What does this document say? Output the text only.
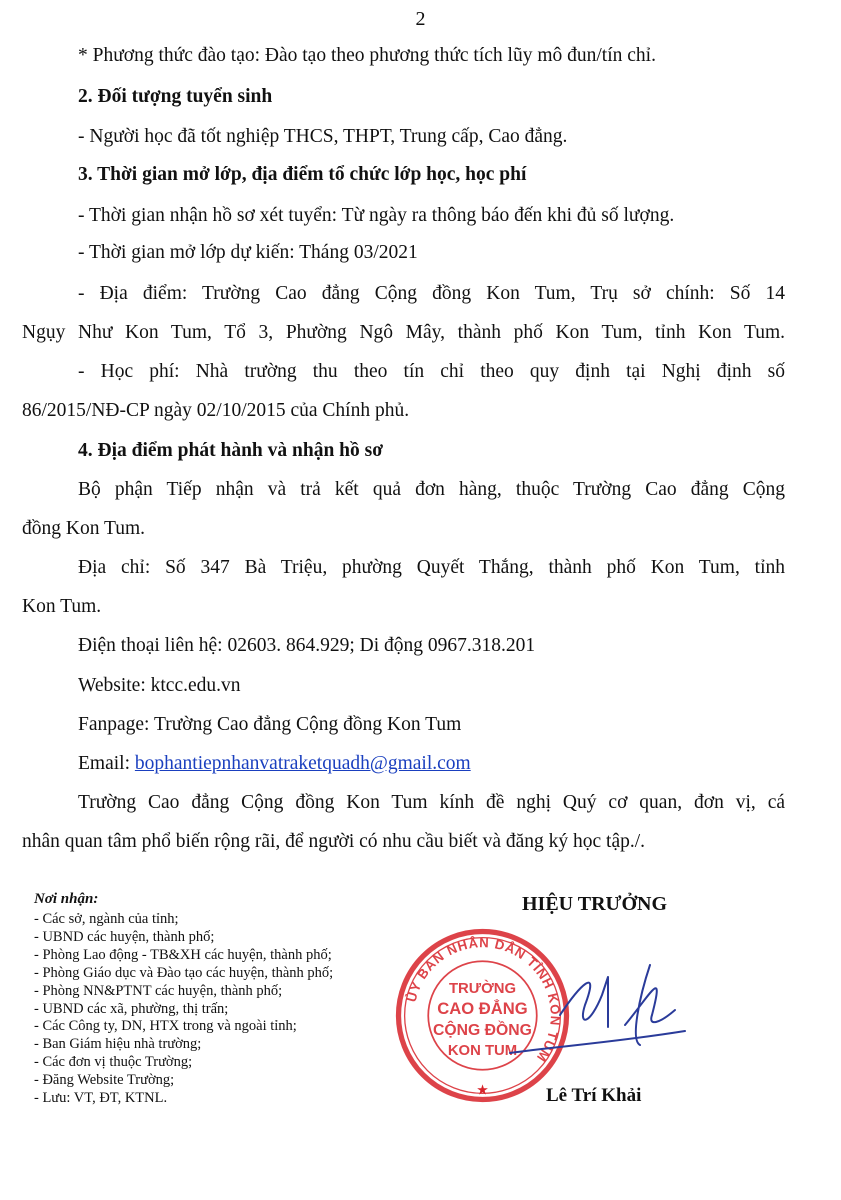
2
* Phương thức đào tạo: Đào tạo theo phương thức tích lũy mô đun/tín chỉ.
2. Đối tượng tuyển sinh
- Người học đã tốt nghiệp THCS, THPT, Trung cấp, Cao đẳng.
3. Thời gian mở lớp, địa điểm tổ chức lớp học, học phí
- Thời gian nhận hồ sơ xét tuyển: Từ ngày ra thông báo đến khi đủ số lượng.
- Thời gian mở lớp dự kiến: Tháng 03/2021
- Địa điểm: Trường Cao đẳng Cộng đồng Kon Tum, Trụ sở chính: Số 14
Ngụy Như Kon Tum, Tổ 3, Phường Ngô Mây, thành phố Kon Tum, tỉnh Kon Tum.
- Học phí: Nhà trường thu theo tín chỉ theo quy định tại Nghị định số
86/2015/NĐ-CP ngày 02/10/2015 của Chính phủ.
4. Địa điểm phát hành và nhận hồ sơ
Bộ phận Tiếp nhận và trả kết quả đơn hàng, thuộc Trường Cao đẳng Cộng
đồng Kon Tum.
Địa chỉ: Số 347 Bà Triệu, phường Quyết Thắng, thành phố Kon Tum, tỉnh
Kon Tum.
Điện thoại liên hệ: 02603. 864.929; Di động 0967.318.201
Website: ktcc.edu.vn
Fanpage: Trường Cao đẳng Cộng đồng Kon Tum
Email: bophantiepnhanvatraketquadh@gmail.com
Trường Cao đẳng Cộng đồng Kon Tum kính đề nghị Quý cơ quan, đơn vị, cá
nhân quan tâm phổ biến rộng rãi, để người có nhu cầu biết và đăng ký học tập./.
Nơi nhận:
- Các sở, ngành của tỉnh;
- UBND các huyện, thành phố;
- Phòng Lao động - TB&XH các huyện, thành phố;
- Phòng Giáo dục và Đào tạo các huyện, thành phố;
- Phòng NN&PTNT các huyện, thành phố;
- UBND các xã, phường, thị trấn;
- Các Công ty, DN, HTX trong và ngoài tỉnh;
- Ban Giám hiệu nhà trường;
- Các đơn vị thuộc Trường;
- Đăng Website Trường;
- Lưu: VT, ĐT, KTNL.
HIỆU TRƯỞNG
ỦY BAN NHÂN DÂN TỈNH KON TUM
TRƯỜNG
CAO ĐẲNG
CỘNG ĐỒNG
KON TUM
★	Lê Trí Khải
